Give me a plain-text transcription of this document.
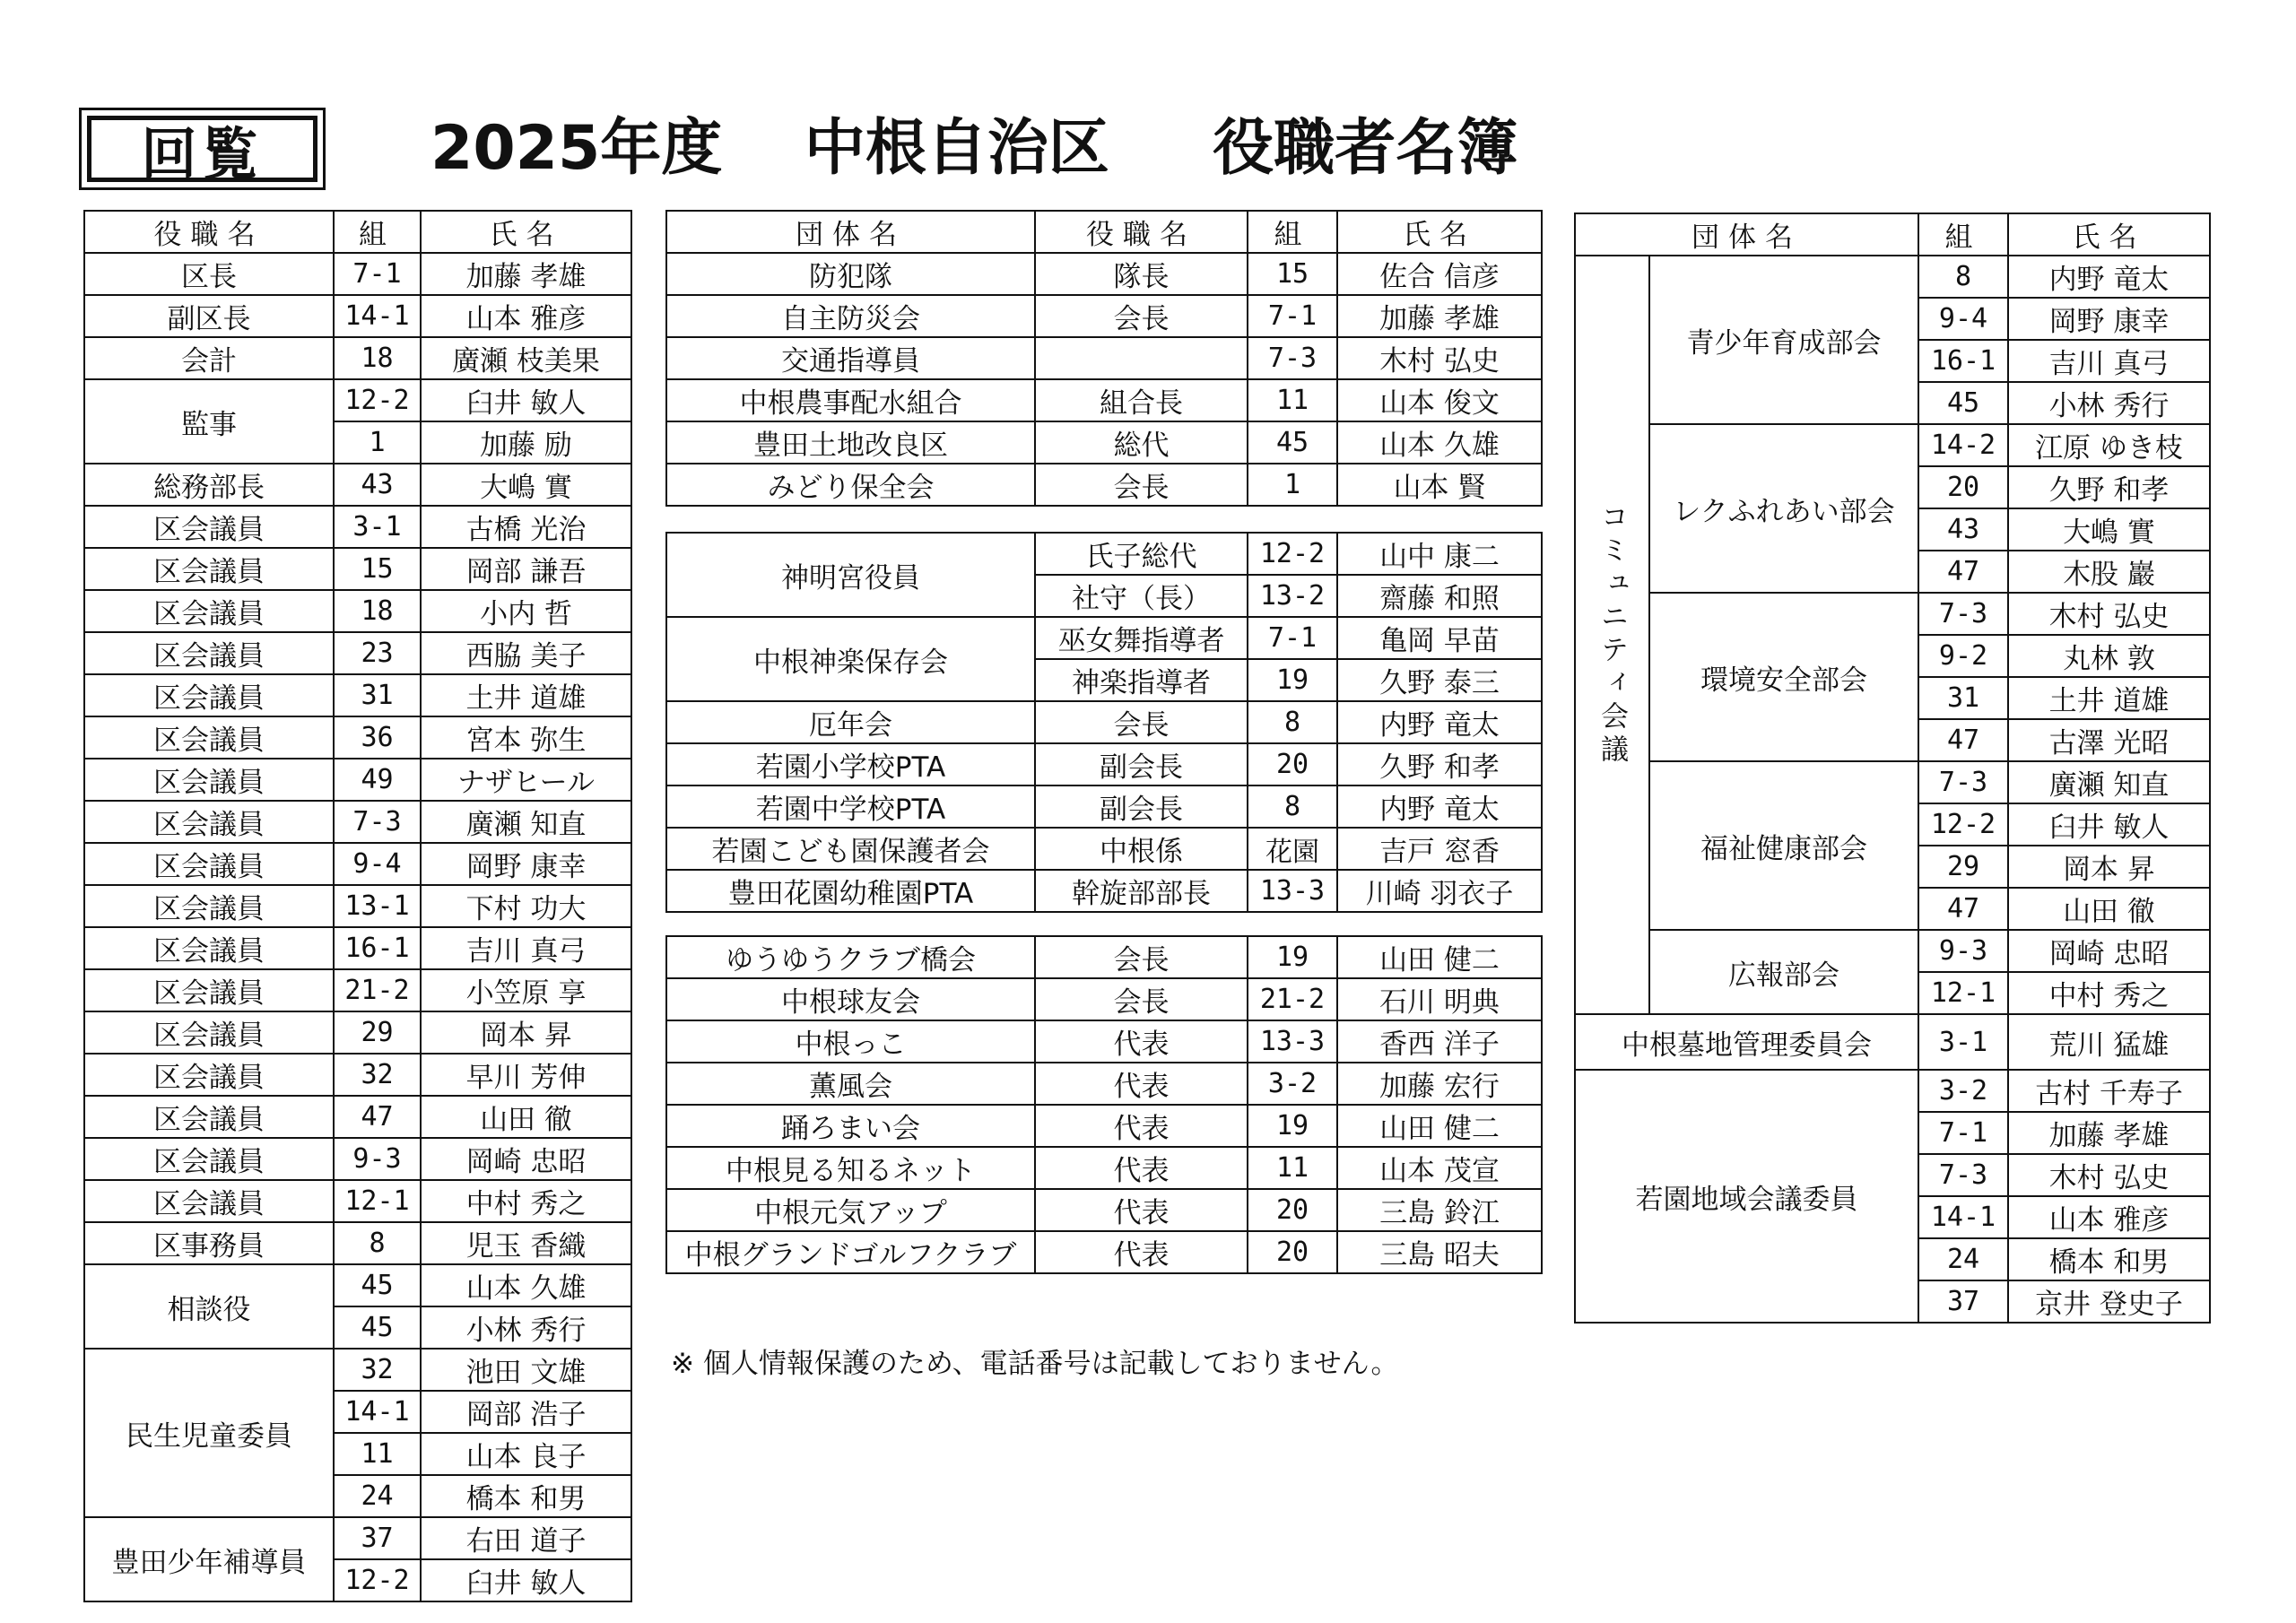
回覧	2025年度　 中根自治区 　 役職者名簿
役職名	組	氏名
区長	7-1	加藤 孝雄
副区長	14-1	山本 雅彦
会計	18	廣瀬 枝美果
監事	12-2	臼井 敏人
	1	加藤 励
総務部長	43	大嶋 實
区会議員	3-1	古橋 光治
区会議員	15	岡部 謙吾
区会議員	18	小内 哲
区会議員	23	西脇 美子
区会議員	31	土井 道雄
区会議員	36	宮本 弥生
区会議員	49	ナザヒール
区会議員	7-3	廣瀬 知直
区会議員	9-4	岡野 康幸
区会議員	13-1	下村 功大
区会議員	16-1	吉川 真弓
区会議員	21-2	小笠原 享
区会議員	29	岡本 昇
区会議員	32	早川 芳伸
区会議員	47	山田 徹
区会議員	9-3	岡崎 忠昭
区会議員	12-1	中村 秀之
区事務員	8	児玉 香織
相談役	45	山本 久雄
	45	小林 秀行
民生児童委員	32	池田 文雄
	14-1	岡部 浩子
	11	山本 良子
	24	橋本 和男
豊田少年補導員	37	右田 道子
	12-2	臼井 敏人
団体名	役職名	組	氏名
防犯隊	隊長	15	佐合 信彦
自主防災会	会長	7-1	加藤 孝雄
交通指導員		7-3	木村 弘史
中根農事配水組合	組合長	11	山本 俊文
豊田土地改良区	総代	45	山本 久雄
みどり保全会	会長	1	山本 賢
神明宮役員	氏子総代	12-2	山中 康二
	社守（長）	13-2	齋藤 和照
中根神楽保存会	巫女舞指導者	7-1	亀岡 早苗
	神楽指導者	19	久野 泰三
厄年会	会長	8	内野 竜太
若園小学校PTA	副会長	20	久野 和孝
若園中学校PTA	副会長	8	内野 竜太
若園こども園保護者会	中根係	花園	吉戸 窓香
豊田花園幼稚園PTA	幹旋部部長	13-3	川崎 羽衣子
ゆうゆうクラブ橋会	会長	19	山田 健二
中根球友会	会長	21-2	石川 明典
中根っこ	代表	13-3	香西 洋子
薫風会	代表	3-2	加藤 宏行
踊ろまい会	代表	19	山田 健二
中根見る知るネット	代表	11	山本 茂宣
中根元気アップ	代表	20	三島 鈴江
中根グランドゴルフクラブ	代表	20	三島 昭夫
団体名		組	氏名
コミュニティ会議	青少年育成部会	8	内野 竜太
		9-4	岡野 康幸
		16-1	吉川 真弓
		45	小林 秀行
	レクふれあい部会	14-2	江原 ゆき枝
		20	久野 和孝
		43	大嶋 實
		47	木股 巖
	環境安全部会	7-3	木村 弘史
		9-2	丸林 敦
		31	土井 道雄
		47	古澤 光昭
	福祉健康部会	7-3	廣瀬 知直
		12-2	臼井 敏人
		29	岡本 昇
		47	山田 徹
	広報部会	9-3	岡崎 忠昭
		12-1	中村 秀之
中根墓地管理委員会		3-1	荒川 猛雄
若園地域会議委員		3-2	古村 千寿子
		7-1	加藤 孝雄
		7-3	木村 弘史
		14-1	山本 雅彦
		24	橋本 和男
		37	京井 登史子
※ 個人情報保護のため、電話番号は記載しておりません。
